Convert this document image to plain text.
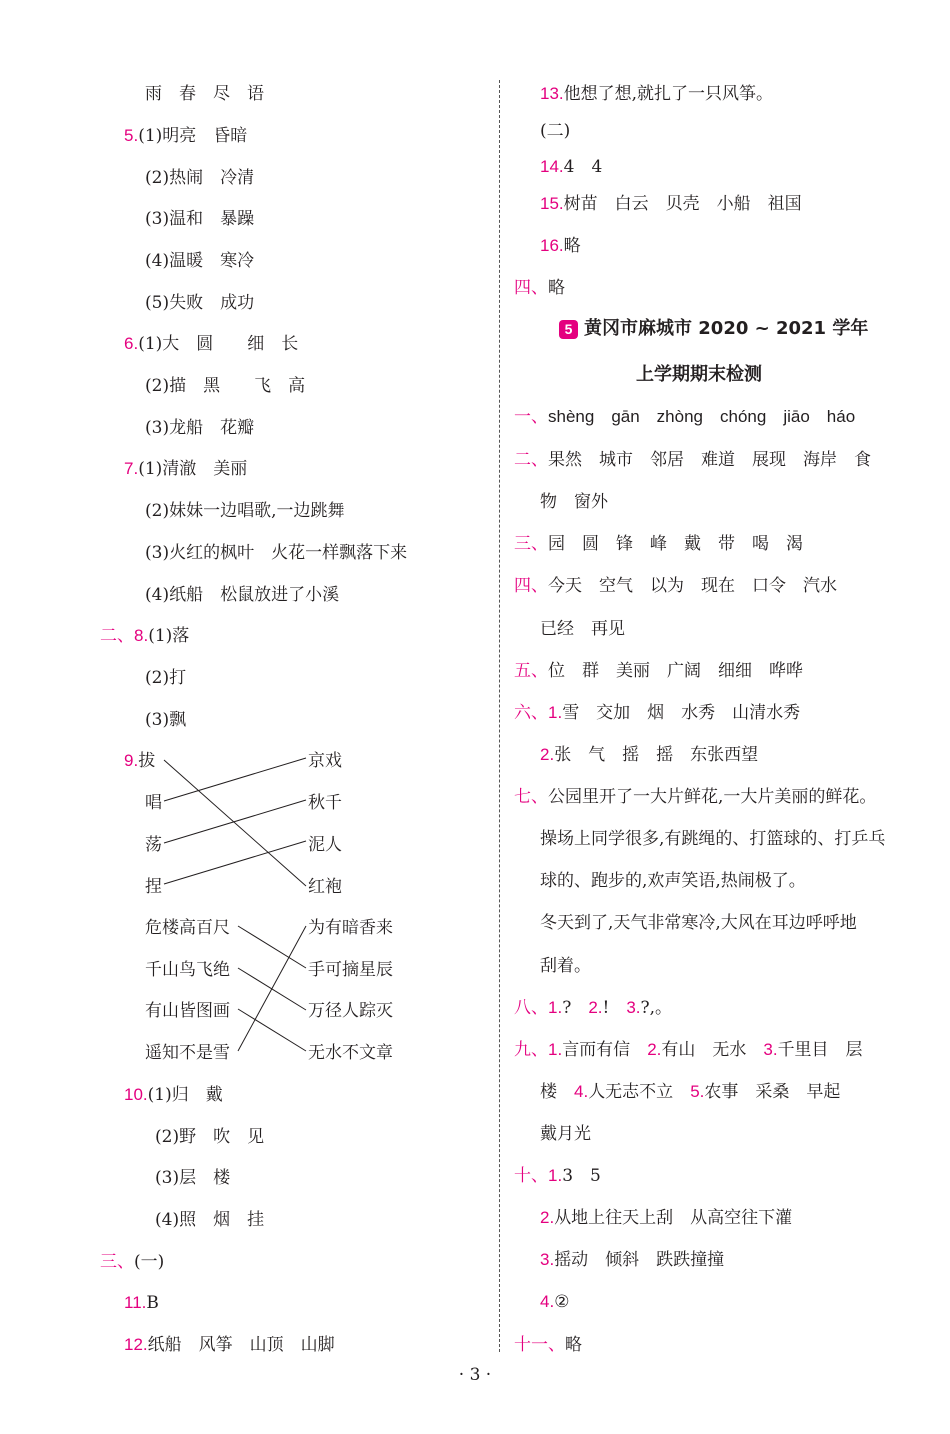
雨　春　尽　语
5.(1)明亮　昏暗
(2)热闹　冷清
(3)温和　暴躁
(4)温暖　寒冷
(5)失败　成功
6.(1)大　圆　　细　长
(2)描　黑　　飞　高
(3)龙船　花瓣
7.(1)清澈　美丽
(2)妹妹一边唱歌,一边跳舞
(3)火红的枫叶　火花一样飘落下来
(4)纸船　松鼠放进了小溪
二、8.(1)落
(2)打
(3)飘
9.拔
唱
荡
捏
京戏
秋千
泥人
红袍
危楼高百尺
千山鸟飞绝
有山皆图画
遥知不是雪
为有暗香来
手可摘星辰
万径人踪灭
无水不文章
10.(1)归　戴
(2)野　吹　见
(3)层　楼
(4)照　烟　挂
三、(一)
11.B
12.纸船　风筝　山顶　山脚
13.他想了想,就扎了一只风筝。
(二)
14.4　4
15.树苗　白云　贝壳　小船　祖国
16.略
四、略
5 黄冈市麻城市 2020 ~ 2021 学年
上学期期末检测
一、shèng　gān　zhòng　chóng　jiāo　háo
二、果然　城市　邻居　难道　展现　海岸　食
物　窗外
三、园　圆　锋　峰　戴　带　喝　渴
四、今天　空气　以为　现在　口令　汽水
已经　再见
五、位　群　美丽　广阔　细细　哗哗
六、1.雪　交加　烟　水秀　山清水秀
2.张　气　摇　摇　东张西望
七、公园里开了一大片鲜花,一大片美丽的鲜花。
操场上同学很多,有跳绳的、打篮球的、打乒乓
球的、跑步的,欢声笑语,热闹极了。
冬天到了,天气非常寒冷,大风在耳边呼呼地
刮着。
八、1.?　 2.!　 3.?,。
九、1.言而有信　 2.有山　无水　 3.千里目　层
楼　 4.人无志不立　 5.农事　采桑　早起
戴月光
十、1.3　5
2.从地上往天上刮　从高空往下灌
3.摇动　倾斜　跌跌撞撞
4.②
十一、略
· 3 ·
